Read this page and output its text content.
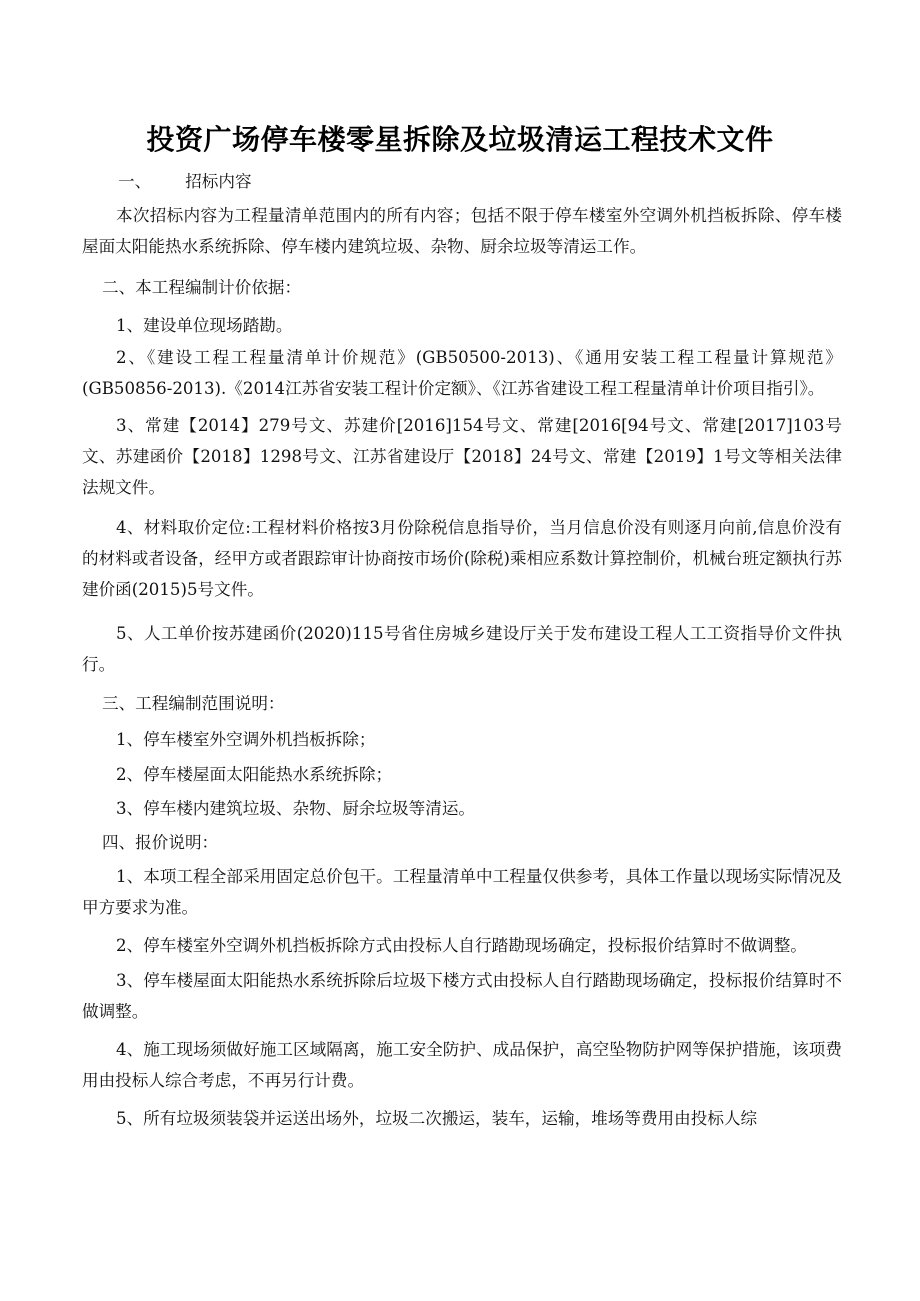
投资广场停车楼零星拆除及垃圾清运工程技术文件
一、 招标内容
本次招标内容为工程量清单范围内的所有内容；包括不限于停车楼室外空调外机挡板拆除、停车楼屋面太阳能热水系统拆除、停车楼内建筑垃圾、杂物、厨余垃圾等清运工作。
二、本工程编制计价依据：
1、建设单位现场踏勘。
2、《建设工程工程量清单计价规范》(GB50500-2013)、《通用安装工程工程量计算规范》(GB50856-2013).《2014江苏省安装工程计价定额》、《江苏省建设工程工程量清单计价项目指引》。
3、常建【2014】279号文、苏建价[2016]154号文、常建[2016[94号文、常建[2017]103号文、苏建函价【2018】1298号文、江苏省建设厅【2018】24号文、常建【2019】1号文等相关法律法规文件。
4、材料取价定位:工程材料价格按3月份除税信息指导价，当月信息价没有则逐月向前,信息价没有的材料或者设备，经甲方或者跟踪审计协商按市场价(除税)乘相应系数计算控制价，机械台班定额执行苏建价函(2015)5号文件。
5、人工单价按苏建函价(2020)115号省住房城乡建设厅关于发布建设工程人工工资指导价文件执行。
三、工程编制范围说明：
1、停车楼室外空调外机挡板拆除；
2、停车楼屋面太阳能热水系统拆除；
3、停车楼内建筑垃圾、杂物、厨余垃圾等清运。
四、报价说明：
1、本项工程全部采用固定总价包干。工程量清单中工程量仅供参考，具体工作量以现场实际情况及甲方要求为准。
2、停车楼室外空调外机挡板拆除方式由投标人自行踏勘现场确定，投标报价结算时不做调整。
3、停车楼屋面太阳能热水系统拆除后垃圾下楼方式由投标人自行踏勘现场确定，投标报价结算时不做调整。
4、施工现场须做好施工区域隔离，施工安全防护、成品保护，高空坠物防护网等保护措施，该项费用由投标人综合考虑，不再另行计费。
5、所有垃圾须装袋并运送出场外，垃圾二次搬运，装车，运输，堆场等费用由投标人综
